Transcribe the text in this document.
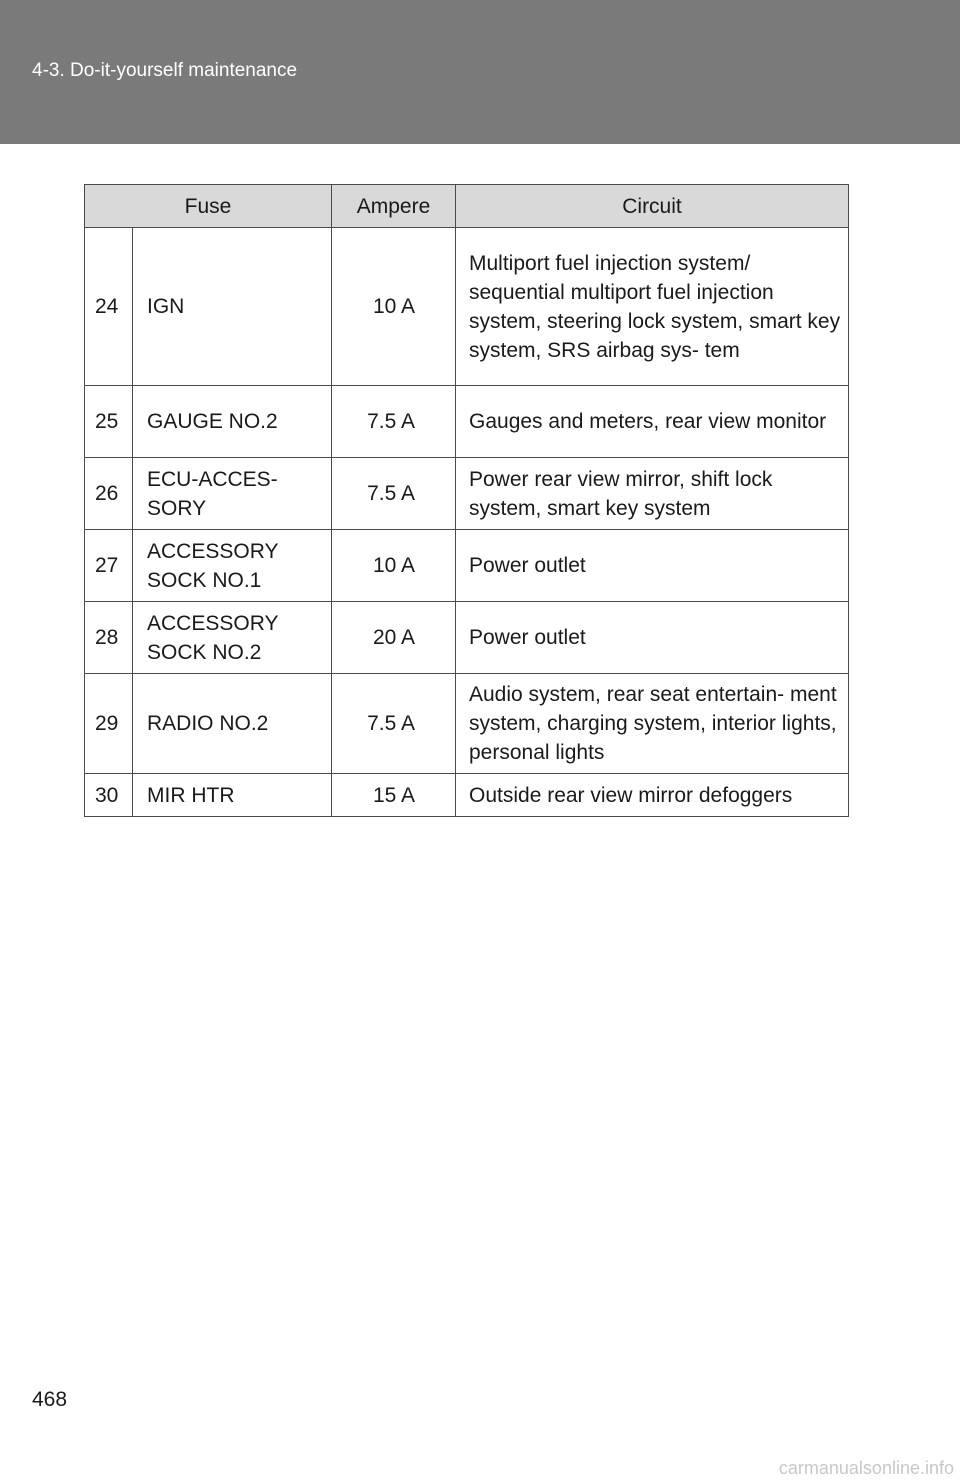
4-3. Do-it-yourself maintenance
Fuse		Ampere	Circuit
24	IGN	10 A	Multiport fuel injection system/ sequential multiport fuel injection system, steering lock system, smart key system, SRS airbag sys- tem
25	GAUGE NO.2	7.5 A	Gauges and meters, rear view monitor
26	ECU-ACCES- SORY	7.5 A	Power rear view mirror, shift lock system, smart key system
27	ACCESSORY SOCK NO.1	10 A	Power outlet
28	ACCESSORY SOCK NO.2	20 A	Power outlet
29	RADIO NO.2	7.5 A	Audio system, rear seat entertain- ment system, charging system, interior lights, personal lights
30	MIR HTR	15 A	Outside rear view mirror defoggers
468
carmanualsonline.info
